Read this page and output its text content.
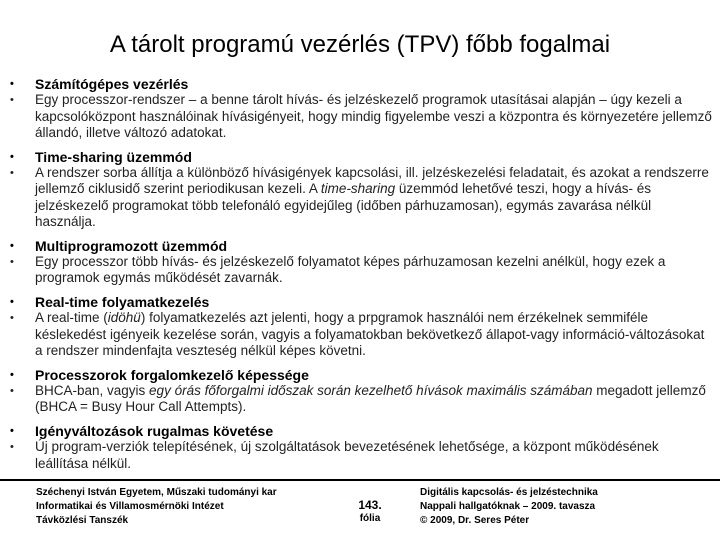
A tárolt programú vezérlés (TPV) főbb fogalmai
•	Számítógépes vezérlés
•	Egy processzor-rendszer – a benne tárolt hívás- és jelzéskezelő programok utasításai alapján – úgy kezeli a kapcsolóközpont használóinak hívásigényeit, hogy mindig figyelembe veszi a központra és környezetére jellemző állandó, illetve változó adatokat.
•	Time-sharing üzemmód
•	A rendszer sorba állítja a különböző hívásigények kapcsolási, ill. jelzéskezelési feladatait, és azokat a rendszerre jellemző ciklusidő szerint periodikusan kezeli. A time-sharing üzemmód lehetővé teszi, hogy a hívás- és jelzéskezelő programokat több telefonáló egyidejűleg (időben párhuzamosan), egymás zavarása nélkül használja.
•	Multiprogramozott üzemmód
•	Egy processzor több hívás- és jelzéskezelő folyamatot képes párhuzamosan kezelni anélkül, hogy ezek a programok egymás működését zavarnák.
•	Real-time folyamatkezelés
•	A real-time (idöhü) folyamatkezelés azt jelenti, hogy a prpgramok használói nem érzékelnek semmiféle késlekedést igényeik kezelése során, vagyis a folyamatokban bekövetkező állapot-vagy információ-változásokat a rendszer mindenfajta veszteség nélkül képes követni.
•	Processzorok forgalomkezelő képessége
•	BHCA-ban, vagyis egy órás főforgalmi időszak során kezelhető hívások maximális számában megadott jellemző (BHCA = Busy Hour Call Attempts).
•	Igényváltozások rugalmas követése
•	Új program-verziók telepítésének, új szolgáltatások bevezetésének lehetősége, a központ működésének leállítása nélkül.
Széchenyi István Egyetem, Műszaki tudományi kar
Informatikai és Villamosmérnöki Intézet
Távközlési Tanszék
143.
fólia
Digitális kapcsolás- és jelzéstechnika
Nappali hallgatóknak – 2009. tavasza
© 2009, Dr. Seres Péter
